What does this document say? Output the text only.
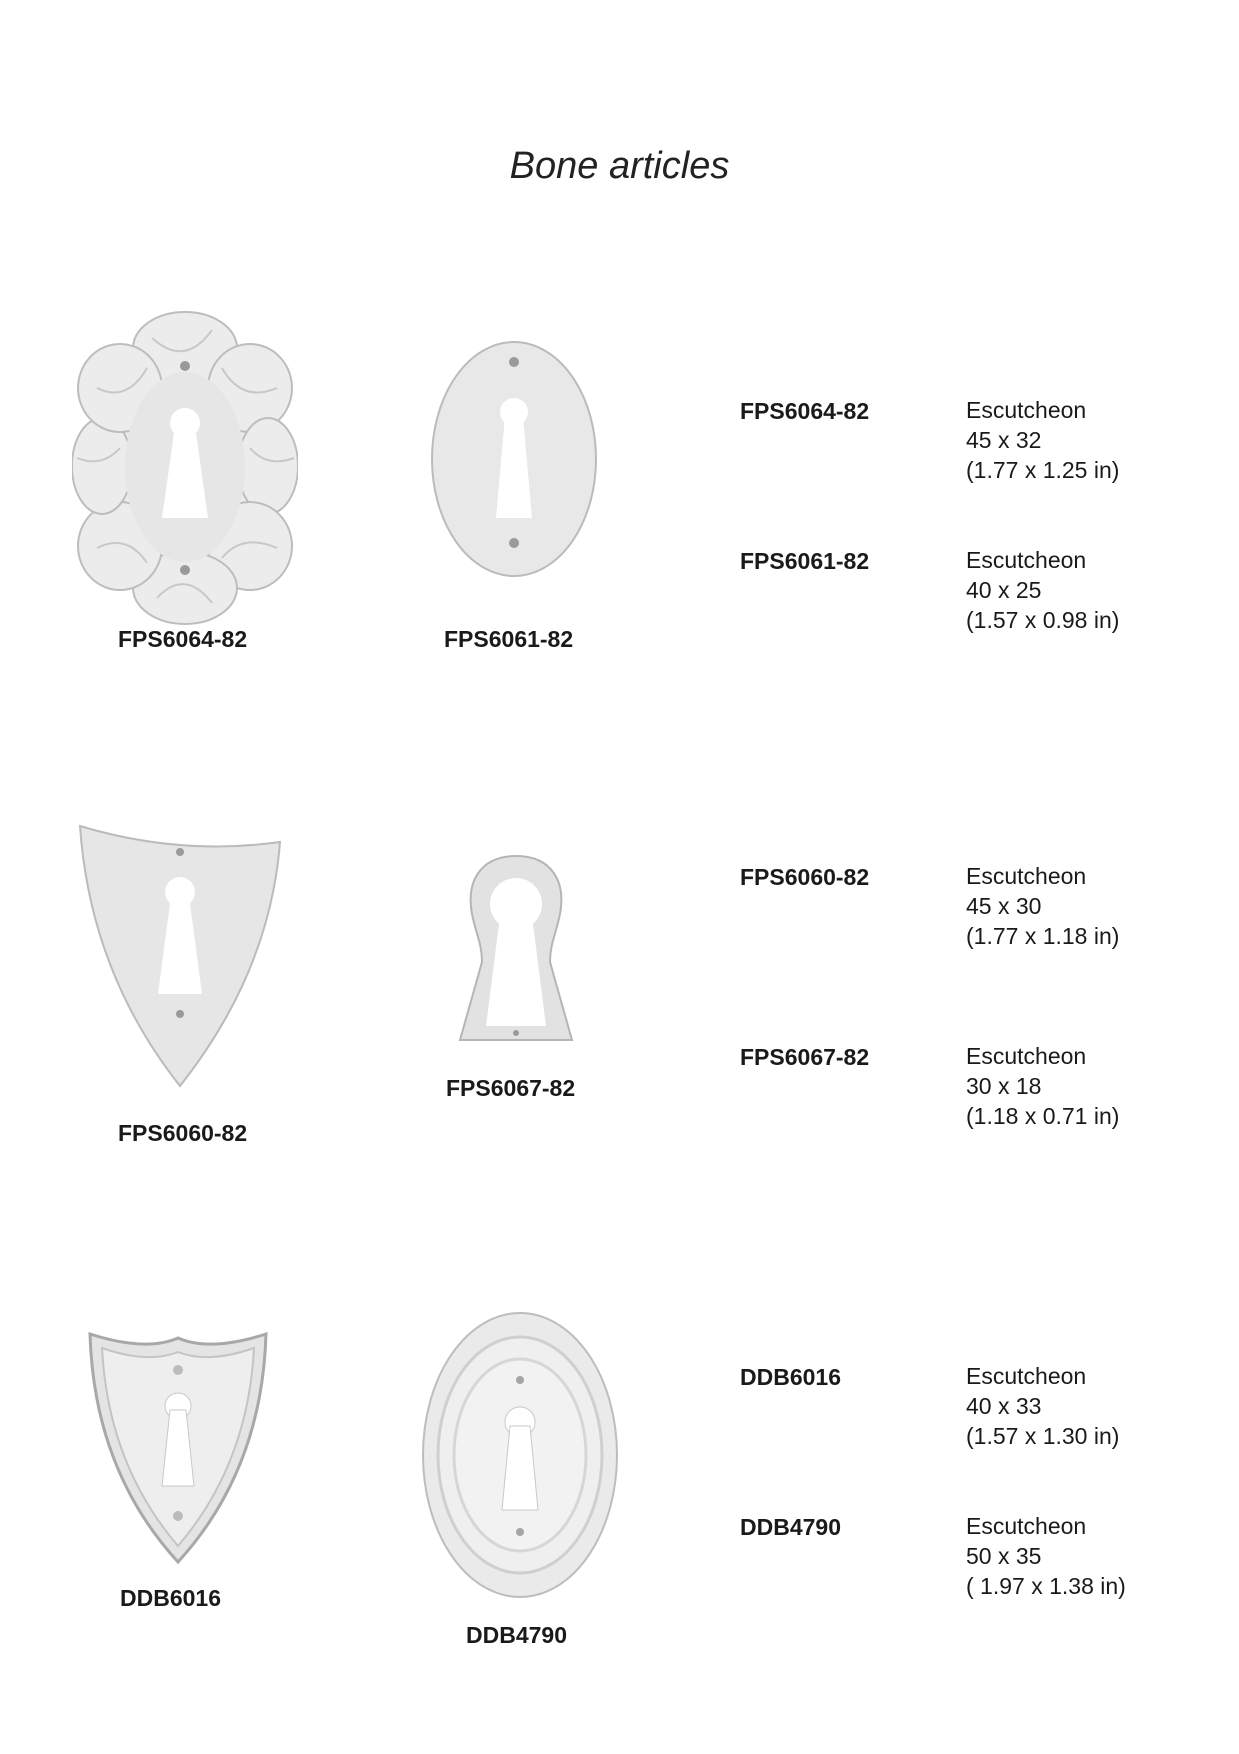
Bone articles
FPS6064-82	FPS6061-82
FPS6064-82	Escutcheon
45 x 32
(1.77 x 1.25 in)
FPS6061-82	Escutcheon
40 x 25
(1.57 x 0.98 in)
FPS6060-82
FPS6067-82
FPS6060-82	Escutcheon
45 x 30
(1.77 x 1.18 in)
FPS6067-82	Escutcheon
30 x 18
(1.18 x 0.71 in)
DDB6016
DDB4790
DDB6016	Escutcheon
40 x 33
(1.57 x 1.30 in)
DDB4790	Escutcheon
50 x 35
( 1.97 x 1.38 in)
